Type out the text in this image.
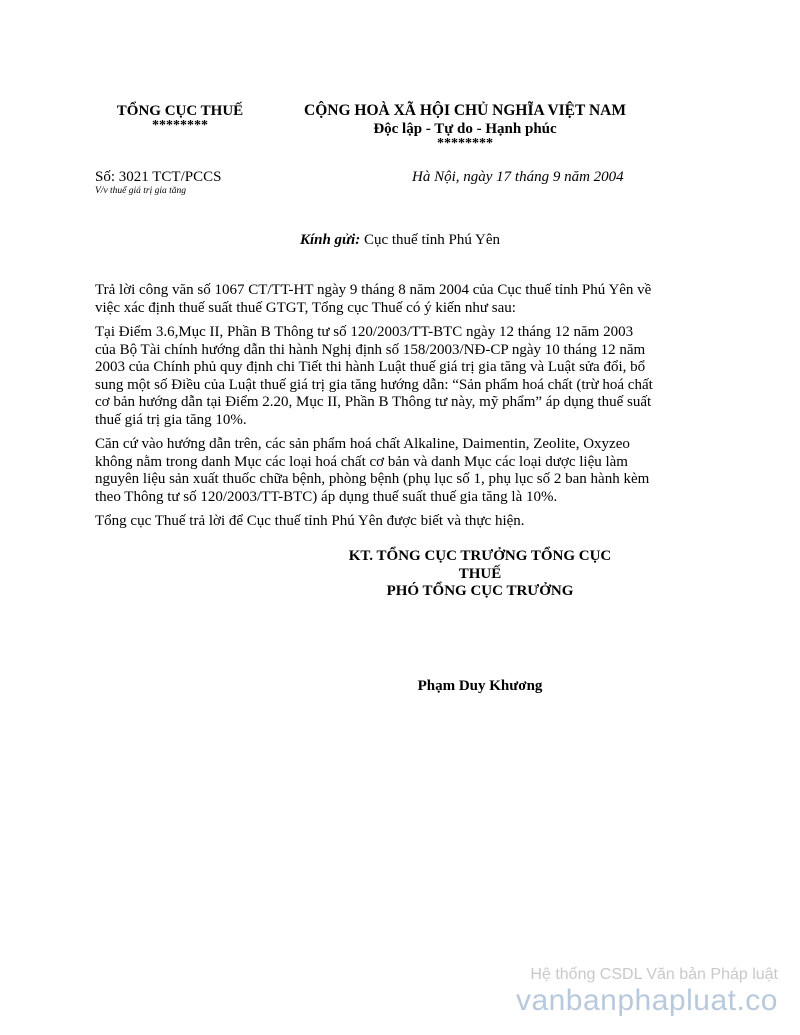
TỔNG CỤC THUẾ
********
CỘNG HOÀ XÃ HỘI CHỦ NGHĨA VIỆT NAM
Độc lập - Tự do - Hạnh phúc
********
Số: 3021 TCT/PCCS
V/v thuế giá trị gia tăng
Hà Nội, ngày 17 tháng 9 năm 2004
Kính gửi: Cục thuế tỉnh Phú Yên

Trả lời công văn số 1067 CT/TT-HT ngày 9 tháng 8 năm 2004 của Cục thuế tỉnh Phú Yên về việc xác định thuế suất thuế GTGT, Tổng cục Thuế có ý kiến như sau:

Tại Điểm 3.6,Mục II, Phần B Thông tư số 120/2003/TT-BTC ngày 12 tháng 12 năm 2003 của Bộ Tài chính hướng dẫn thi hành Nghị định số 158/2003/NĐ-CP ngày 10 tháng 12 năm 2003 của Chính phủ quy định chi Tiết thi hành Luật thuế giá trị gia tăng và Luật sửa đổi, bổ sung một số Điều của Luật thuế giá trị gia tăng hướng dẫn: “Sản phẩm hoá chất (trừ hoá chất cơ bản hướng dẫn tại Điểm 2.20, Mục II, Phần B Thông tư này, mỹ phẩm” áp dụng thuế suất thuế giá trị gia tăng 10%.

Căn cứ vào hướng dẫn trên, các sản phẩm hoá chất Alkaline, Daimentin, Zeolite, Oxyzeo không nằm trong danh Mục các loại hoá chất cơ bản và danh Mục các loại dược liệu làm nguyên liệu sản xuất thuốc chữa bệnh, phòng bệnh (phụ lục số 1, phụ lục số 2 ban hành kèm theo Thông tư số 120/2003/TT-BTC) áp dụng thuế suất thuế gia tăng là 10%.

Tổng cục Thuế trả lời để Cục thuế tỉnh Phú Yên được biết và thực hiện.

KT. TỔNG CỤC TRƯỞNG TỔNG CỤC
THUẾ
PHÓ TỔNG CỤC TRƯỞNG
Phạm Duy Khương
Hệ thống CSDL Văn bản Pháp luật
vanbanphapluat.co
